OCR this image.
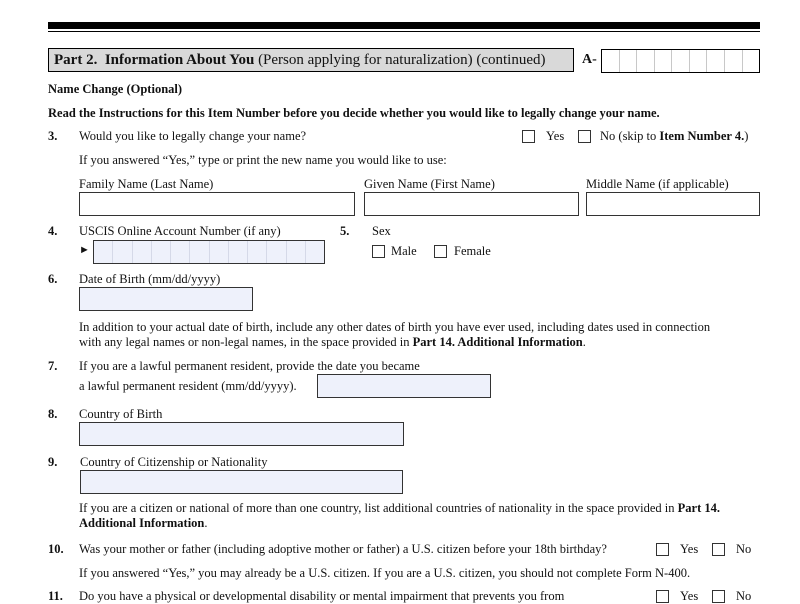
Part 2. Information About You (Person applying for naturalization) (continued)	A-
Name Change (Optional)
Read the Instructions for this Item Number before you decide whether you would like to legally change your name.
3. Would you like to legally change your name?	Yes	No (skip to Item Number 4.)
If you answered “Yes,” type or print the new name you would like to use:
Family Name (Last Name)	Given Name (First Name)	Middle Name (if applicable)
4. USCIS Online Account Number (if any)
►
5. Sex
Male	Female
6. Date of Birth (mm/dd/yyyy)
In addition to your actual date of birth, include any other dates of birth you have ever used, including dates used in connection
with any legal names or non-legal names, in the space provided in Part 14. Additional Information.
7. If you are a lawful permanent resident, provide the date you became
a lawful permanent resident (mm/dd/yyyy).
8. Country of Birth
9. Country of Citizenship or Nationality
If you are a citizen or national of more than one country, list additional countries of nationality in the space provided in Part 14.
Additional Information.
10. Was your mother or father (including adoptive mother or father) a U.S. citizen before your 18th birthday?	Yes	No
If you answered “Yes,” you may already be a U.S. citizen. If you are a U.S. citizen, you should not complete Form N-400.
11. Do you have a physical or developmental disability or mental impairment that prevents you from	Yes	No
